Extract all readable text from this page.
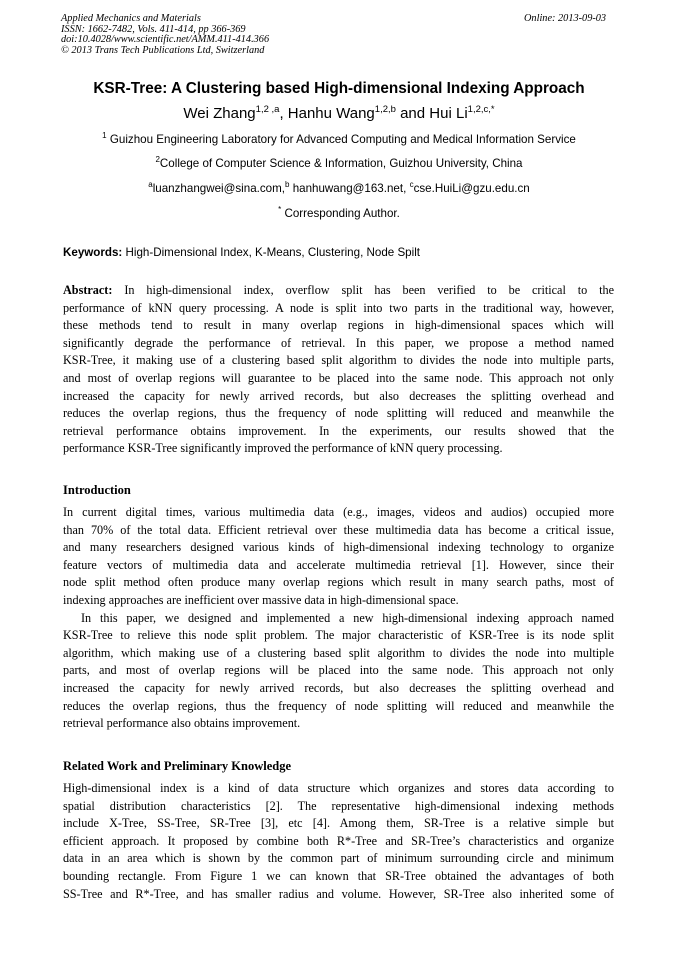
Applied Mechanics and Materials
ISSN: 1662-7482, Vols. 411-414, pp 366-369
doi:10.4028/www.scientific.net/AMM.411-414.366
© 2013 Trans Tech Publications Ltd, Switzerland
Online: 2013-09-03
KSR-Tree: A Clustering based High-dimensional Indexing Approach
Wei Zhang$^{1,2 ,a}$, Hanhu Wang$^{1,2,b}$ and Hui $Li^{1,2,c,*}$
$^1$ Guizhou Engineering Laboratory for Advanced Computing and Medical Information Service
$^2$College of Computer Science & Information, Guizhou University, China
$^a$luanzhangwei@sina.com,$^b$ hanhuwang@163.net, $^c$cse.HuiLi@gzu.edu.cn
* Corresponding Author.
Keywords: High-Dimensional Index, K-Means, Clustering, Node Spilt
Abstract: In high-dimensional index, overflow split has been verified to be critical to the
performance of kNN query processing. A node is split into two parts in the traditional way, however,
these methods tend to result in many overlap regions in high-dimensional spaces which will
significantly degrade the performance of retrieval. In this paper, we propose a method named
KSR-Tree, it making use of a clustering based split algorithm to divides the node into multiple parts,
and most of overlap regions will guarantee to be placed into the same node. This approach not only
increased the capacity for newly arrived records, but also decreases the splitting overhead and
reduces the overlap regions, thus the frequency of node splitting will reduced and meanwhile the
retrieval performance obtains improvement. In the experiments, our results showed that the
performance KSR-Tree significantly improved the performance of kNN query processing.
Introduction
In current digital times, various multimedia data (e.g., images, videos and audios) occupied more
than 70% of the total data. Efficient retrieval over these multimedia data has become a critical issue,
and many researchers designed various kinds of high-dimensional indexing technology to organize
feature vectors of multimedia data and accelerate multimedia retrieval [1]. However, since their
node split method often produce many overlap regions which result in many search paths, most of
indexing approaches are inefficient over massive data in high-dimensional space.
In this paper, we designed and implemented a new high-dimensional indexing approach named
KSR-Tree to relieve this node split problem. The major characteristic of KSR-Tree is its node split
algorithm, which making use of a clustering based split algorithm to divides the node into multiple
parts, and most of overlap regions will be placed into the same node. This approach not only
increased the capacity for newly arrived records, but also decreases the splitting overhead and
reduces the overlap regions, thus the frequency of node splitting will reduced and meanwhile the
retrieval performance also obtains improvement.
Related Work and Preliminary Knowledge
High-dimensional index is a kind of data structure which organizes and stores data according to
spatial distribution characteristics [2]. The representative high-dimensional indexing methods
include X-Tree, SS-Tree, SR-Tree [3], etc [4]. Among them, SR-Tree is a relative simple but
efficient approach. It proposed by combine both R*-Tree and SR-Tree’s characteristics and organize
data in an area which is shown by the common part of minimum surrounding circle and minimum
bounding rectangle. From Figure 1 we can known that SR-Tree obtained the advantages of both
SS-Tree and R*-Tree, and has smaller radius and volume. However, SR-Tree also inherited some of
